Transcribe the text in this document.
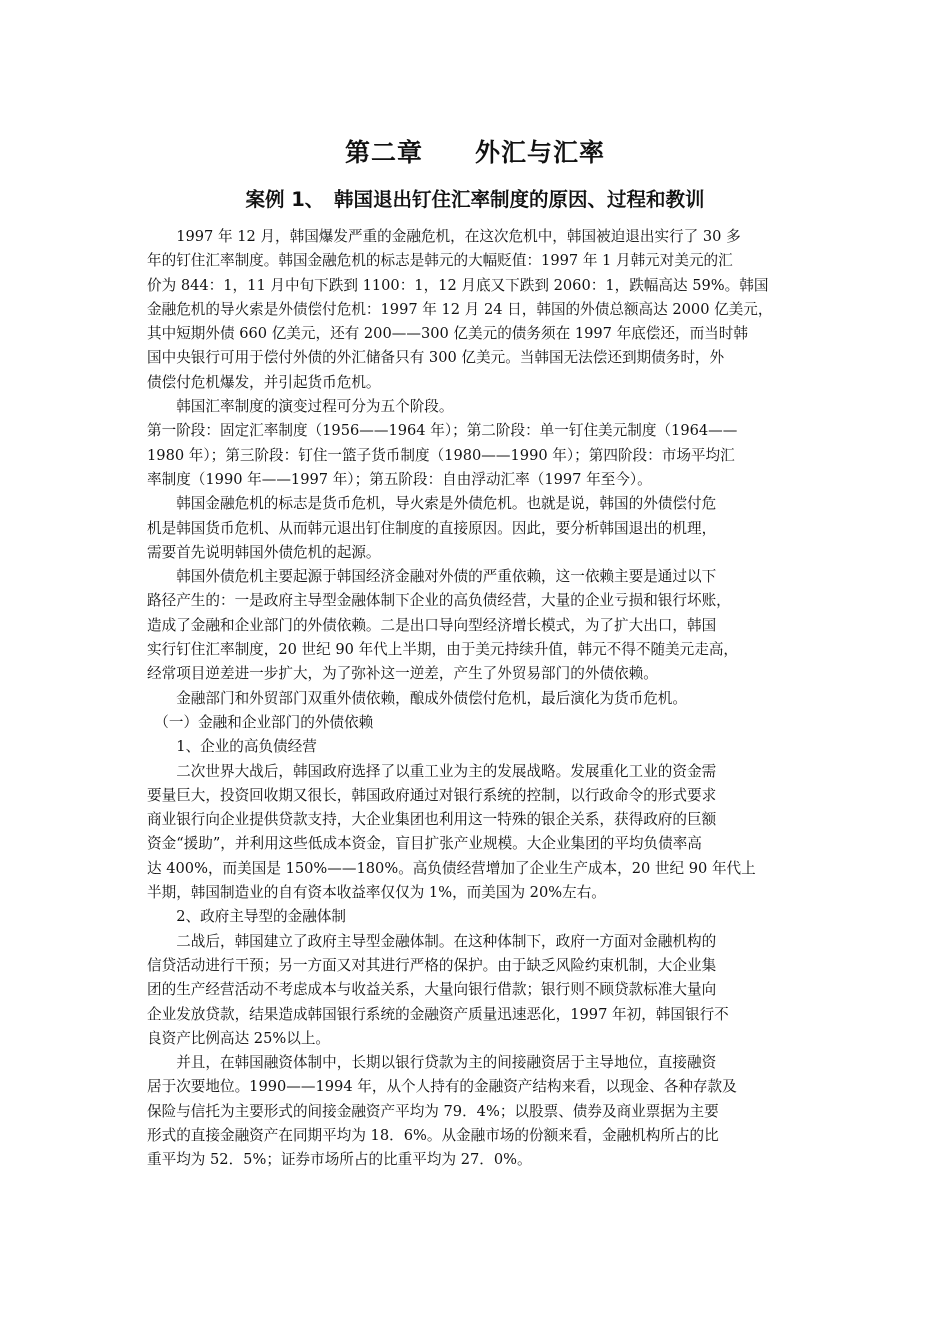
第二章　　外汇与汇率
案例 1、　韩国退出钉住汇率制度的原因、过程和教训
　　1997 年 12 月，韩国爆发严重的金融危机，在这次危机中，韩国被迫退出实行了 30 多
年的钉住汇率制度。韩国金融危机的标志是韩元的大幅贬值：1997 年 1 月韩元对美元的汇
价为 844：1，11 月中旬下跌到 1100：1，12 月底又下跌到 2060：1，跌幅高达 59%。韩国
金融危机的导火索是外债偿付危机：1997 年 12 月 24 日，韩国的外债总额高达 2000 亿美元，
其中短期外债 660 亿美元，还有 200——300 亿美元的债务须在 1997 年底偿还，而当时韩
国中央银行可用于偿付外债的外汇储备只有 300 亿美元。当韩国无法偿还到期债务时，外
债偿付危机爆发，并引起货币危机。
　　韩国汇率制度的演变过程可分为五个阶段。
第一阶段：固定汇率制度（1956——1964 年）；第二阶段：单一钉住美元制度（1964——
1980 年）；第三阶段：钉住一篮子货币制度（1980——1990 年）；第四阶段：市场平均汇
率制度（1990 年——1997 年）；第五阶段：自由浮动汇率（1997 年至今）。
　　韩国金融危机的标志是货币危机，导火索是外债危机。也就是说，韩国的外债偿付危
机是韩国货币危机、从而韩元退出钉住制度的直接原因。因此，要分析韩国退出的机理，
需要首先说明韩国外债危机的起源。
　　韩国外债危机主要起源于韩国经济金融对外债的严重依赖，这一依赖主要是通过以下
路径产生的：一是政府主导型金融体制下企业的高负债经营，大量的企业亏损和银行坏账，
造成了金融和企业部门的外债依赖。二是出口导向型经济增长模式，为了扩大出口，韩国
实行钉住汇率制度，20 世纪 90 年代上半期，由于美元持续升值，韩元不得不随美元走高，
经常项目逆差进一步扩大，为了弥补这一逆差，产生了外贸易部门的外债依赖。
　　金融部门和外贸部门双重外债依赖，酿成外债偿付危机，最后演化为货币危机。
　（一）金融和企业部门的外债依赖
　　1、企业的高负债经营
　　二次世界大战后，韩国政府选择了以重工业为主的发展战略。发展重化工业的资金需
要量巨大，投资回收期又很长，韩国政府通过对银行系统的控制，以行政命令的形式要求
商业银行向企业提供贷款支持，大企业集团也利用这一特殊的银企关系，获得政府的巨额
资金“援助”，并利用这些低成本资金，盲目扩张产业规模。大企业集团的平均负债率高
达 400%，而美国是 150%——180%。高负债经营增加了企业生产成本，20 世纪 90 年代上
半期，韩国制造业的自有资本收益率仅仅为 1%，而美国为 20%左右。
　　2、政府主导型的金融体制
　　二战后，韩国建立了政府主导型金融体制。在这种体制下，政府一方面对金融机构的
信贷活动进行干预；另一方面又对其进行严格的保护。由于缺乏风险约束机制，大企业集
团的生产经营活动不考虑成本与收益关系，大量向银行借款；银行则不顾贷款标准大量向
企业发放贷款，结果造成韩国银行系统的金融资产质量迅速恶化，1997 年初，韩国银行不
良资产比例高达 25%以上。
　　并且，在韩国融资体制中，长期以银行贷款为主的间接融资居于主导地位，直接融资
居于次要地位。1990——1994 年，从个人持有的金融资产结构来看，以现金、各种存款及
保险与信托为主要形式的间接金融资产平均为 79．4%；以股票、债券及商业票据为主要
形式的直接金融资产在同期平均为 18．6%。从金融市场的份额来看，金融机构所占的比
重平均为 52．5%；证券市场所占的比重平均为 27．0%。
